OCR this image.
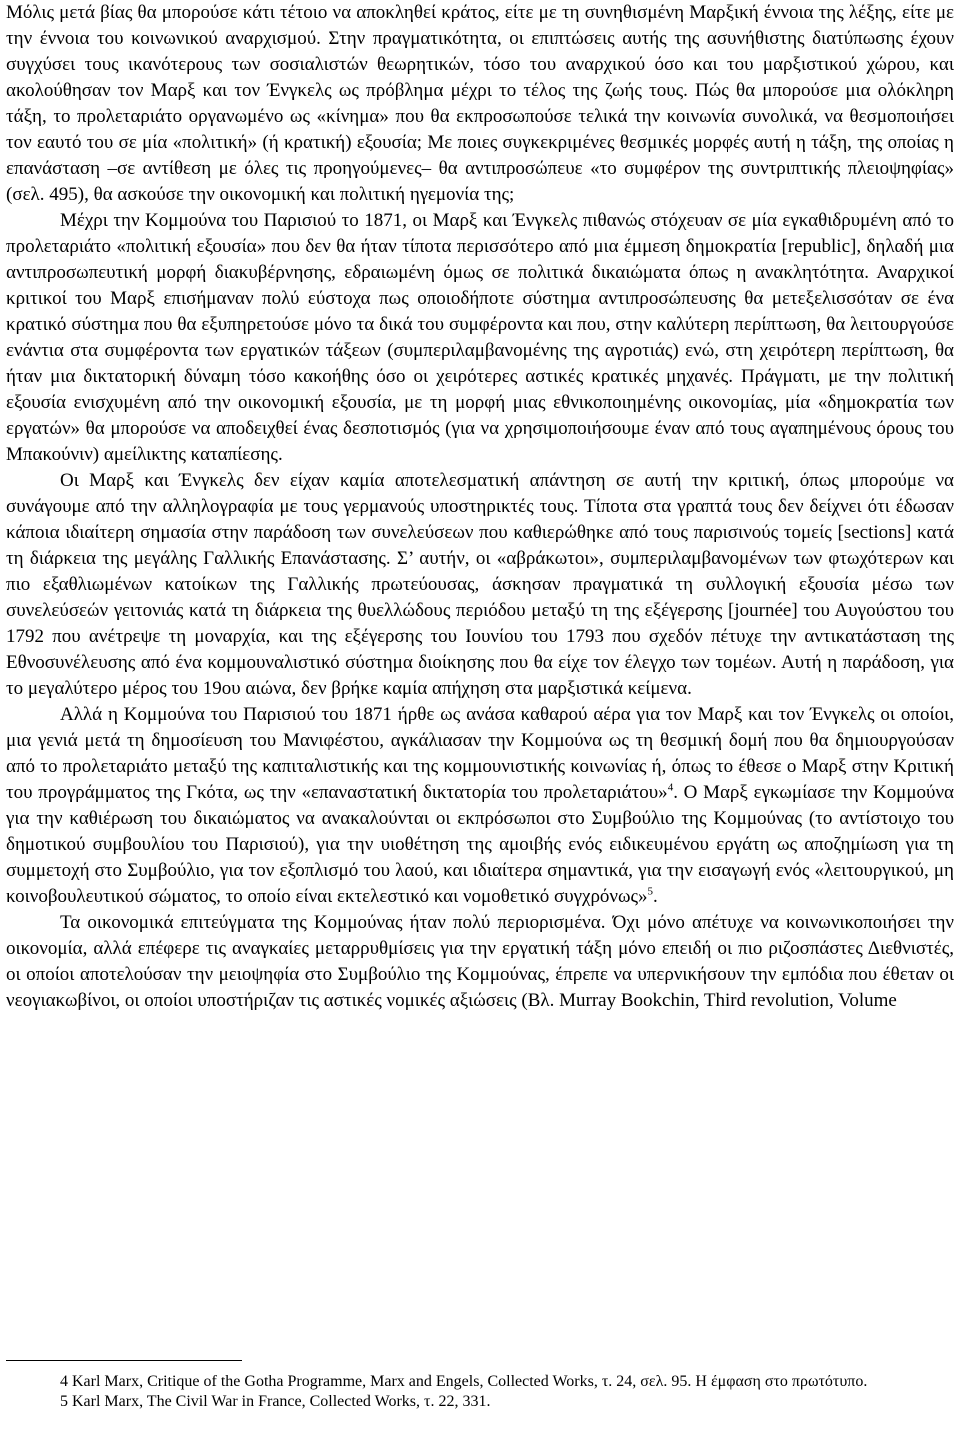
Μόλις μετά βίας θα μπορούσε κάτι τέτοιο να αποκληθεί κράτος, είτε με τη συνηθισμένη Μαρξική έννοια της λέξης, είτε με την έννοια του κοινωνικού αναρχισμού. Στην πραγματικότητα, οι επιπτώσεις αυτής της ασυνήθιστης διατύπωσης έχουν συγχύσει τους ικανότερους των σοσιαλιστών θεωρητικών, τόσο του αναρχικού όσο και του μαρξιστικού χώρου, και ακολούθησαν τον Μαρξ και τον Ένγκελς ως πρόβλημα μέχρι το τέλος της ζωής τους. Πώς θα μπορούσε μια ολόκληρη τάξη, το προλεταριάτο οργανωμένο ως «κίνημα» που θα εκπροσωπούσε τελικά την κοινωνία συνολικά, να θεσμοποιήσει τον εαυτό του σε μία «πολιτική» (ή κρατική) εξουσία; Με ποιες συγκεκριμένες θεσμικές μορφές αυτή η τάξη, της οποίας η επανάσταση –σε αντίθεση με όλες τις προηγούμενες– θα αντιπροσώπευε «το συμφέρον της συντριπτικής πλειοψηφίας» (σελ. 495), θα ασκούσε την οικονομική και πολιτική ηγεμονία της;

Μέχρι την Κομμούνα του Παρισιού το 1871, οι Μαρξ και Ένγκελς πιθανώς στόχευαν σε μία εγκαθιδρυμένη από το προλεταριάτο «πολιτική εξουσία» που δεν θα ήταν τίποτα περισσότερο από μια έμμεση δημοκρατία [republic], δηλαδή μια αντιπροσωπευτική μορφή διακυβέρνησης, εδραιωμένη όμως σε πολιτικά δικαιώματα όπως η ανακλητότητα. Αναρχικοί κριτικοί του Μαρξ επισήμαναν πολύ εύστοχα πως οποιοδήποτε σύστημα αντιπροσώπευσης θα μετεξελισσόταν σε ένα κρατικό σύστημα που θα εξυπηρετούσε μόνο τα δικά του συμφέροντα και που, στην καλύτερη περίπτωση, θα λειτουργούσε ενάντια στα συμφέροντα των εργατικών τάξεων (συμπεριλαμβανομένης της αγροτιάς) ενώ, στη χειρότερη περίπτωση, θα ήταν μια δικτατορική δύναμη τόσο κακοήθης όσο οι χειρότερες αστικές κρατικές μηχανές. Πράγματι, με την πολιτική εξουσία ενισχυμένη από την οικονομική εξουσία, με τη μορφή μιας εθνικοποιημένης οικονομίας, μία «δημοκρατία των εργατών» θα μπορούσε να αποδειχθεί ένας δεσποτισμός (για να χρησιμοποιήσουμε έναν από τους αγαπημένους όρους του Μπακούνιν) αμείλικτης καταπίεσης.

Οι Μαρξ και Ένγκελς δεν είχαν καμία αποτελεσματική απάντηση σε αυτή την κριτική, όπως μπορούμε να συνάγουμε από την αλληλογραφία με τους γερμανούς υποστηρικτές τους. Τίποτα στα γραπτά τους δεν δείχνει ότι έδωσαν κάποια ιδιαίτερη σημασία στην παράδοση των συνελεύσεων που καθιερώθηκε από τους παρισινούς τομείς [sections] κατά τη διάρκεια της μεγάλης Γαλλικής Επανάστασης. Σ’ αυτήν, οι «αβράκωτοι», συμπεριλαμβανομένων των φτωχότερων και πιο εξαθλιωμένων κατοίκων της Γαλλικής πρωτεύουσας, άσκησαν πραγματικά τη συλλογική εξουσία μέσω των συνελεύσεών γειτονιάς κατά τη διάρκεια της θυελλώδους περιόδου μεταξύ τη της εξέγερσης [journée] του Αυγούστου του 1792 που ανέτρεψε τη μοναρχία, και της εξέγερσης του Ιουνίου του 1793 που σχεδόν πέτυχε την αντικατάσταση της Εθνοσυνέλευσης από ένα κομμουναλιστικό σύστημα διοίκησης που θα είχε τον έλεγχο των τομέων. Αυτή η παράδοση, για το μεγαλύτερο μέρος του 19ου αιώνα, δεν βρήκε καμία απήχηση στα μαρξιστικά κείμενα.

Αλλά η Κομμούνα του Παρισιού του 1871 ήρθε ως ανάσα καθαρού αέρα για τον Μαρξ και τον Ένγκελς οι οποίοι, μια γενιά μετά τη δημοσίευση του Μανιφέστου, αγκάλιασαν την Κομμούνα ως τη θεσμική δομή που θα δημιουργούσαν από το προλεταριάτο μεταξύ της καπιταλιστικής και της κομμουνιστικής κοινωνίας ή, όπως το έθεσε ο Μαρξ στην Κριτική του προγράμματος της Γκότα, ως την «επαναστατική δικτατορία του προλεταριάτου»$^4$. Ο Μαρξ εγκωμίασε την Κομμούνα για την καθιέρωση του δικαιώματος να ανακαλούνται οι εκπρόσωποι στο Συμβούλιο της Κομμούνας (το αντίστοιχο του δημοτικού συμβουλίου του Παρισιού), για την υιοθέτηση της αμοιβής ενός ειδικευμένου εργάτη ως αποζημίωση για τη συμμετοχή στο Συμβούλιο, για τον εξοπλισμό του λαού, και ιδιαίτερα σημαντικά, για την εισαγωγή ενός «λειτουργικού, μη κοινοβουλευτικού σώματος, το οποίο είναι εκτελεστικό και νομοθετικό συγχρόνως»$^5$.

Τα οικονομικά επιτεύγματα της Κομμούνας ήταν πολύ περιορισμένα. Όχι μόνο απέτυχε να κοινωνικοποιήσει την οικονομία, αλλά επέφερε τις αναγκαίες μεταρρυθμίσεις για την εργατική τάξη μόνο επειδή οι πιο ριζοσπάστες Διεθνιστές, οι οποίοι αποτελούσαν την μειοψηφία στο Συμβούλιο της Κομμούνας, έπρεπε να υπερνικήσουν την εμπόδια που έθεταν οι νεογιακωβίνοι, οι οποίοι υποστήριζαν τις αστικές νομικές αξιώσεις (Βλ. Murray Bookchin, Third revolution, Volume

4 Karl Marx, Critique of the Gotha Programme, Marx and Engels, Collected Works, τ. 24, σελ. 95. Η έμφαση στο πρωτότυπο.

5 Karl Marx, The Civil War in France, Collected Works, τ. 22, 331.
